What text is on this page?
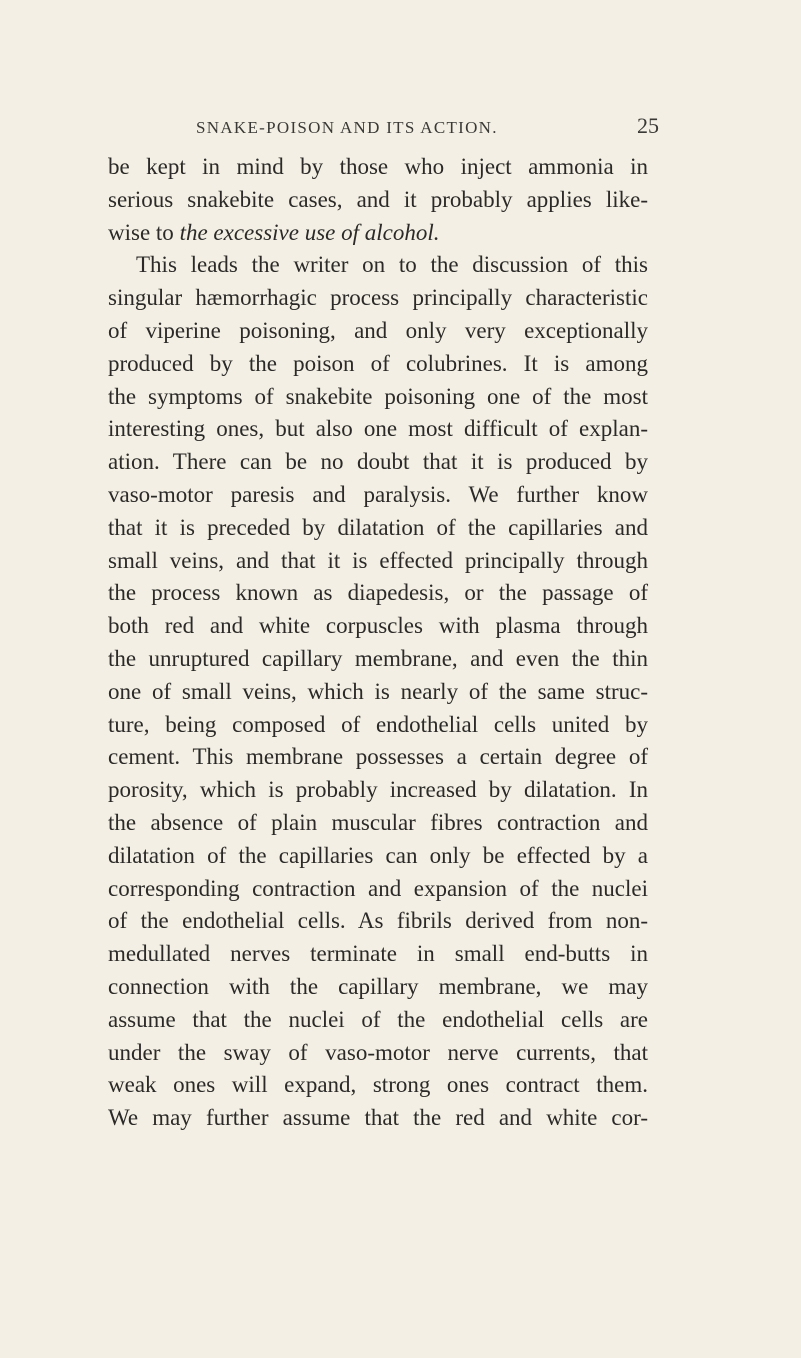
SNAKE-POISON AND ITS ACTION.	25
be kept in mind by those who inject ammonia in
serious snakebite cases, and it probably applies like-
wise to the excessive use of alcohol.
This leads the writer on to the discussion of this
singular hæmorrhagic process principally characteristic
of viperine poisoning, and only very exceptionally
produced by the poison of colubrines. It is among
the symptoms of snakebite poisoning one of the most
interesting ones, but also one most difficult of explan-
ation. There can be no doubt that it is produced by
vaso-motor paresis and paralysis. We further know
that it is preceded by dilatation of the capillaries and
small veins, and that it is effected principally through
the process known as diapedesis, or the passage of
both red and white corpuscles with plasma through
the unruptured capillary membrane, and even the thin
one of small veins, which is nearly of the same struc-
ture, being composed of endothelial cells united by
cement. This membrane possesses a certain degree of
porosity, which is probably increased by dilatation. In
the absence of plain muscular fibres contraction and
dilatation of the capillaries can only be effected by a
corresponding contraction and expansion of the nuclei
of the endothelial cells. As fibrils derived from non-
medullated nerves terminate in small end-butts in
connection with the capillary membrane, we may
assume that the nuclei of the endothelial cells are
under the sway of vaso-motor nerve currents, that
weak ones will expand, strong ones contract them.
We may further assume that the red and white cor-
